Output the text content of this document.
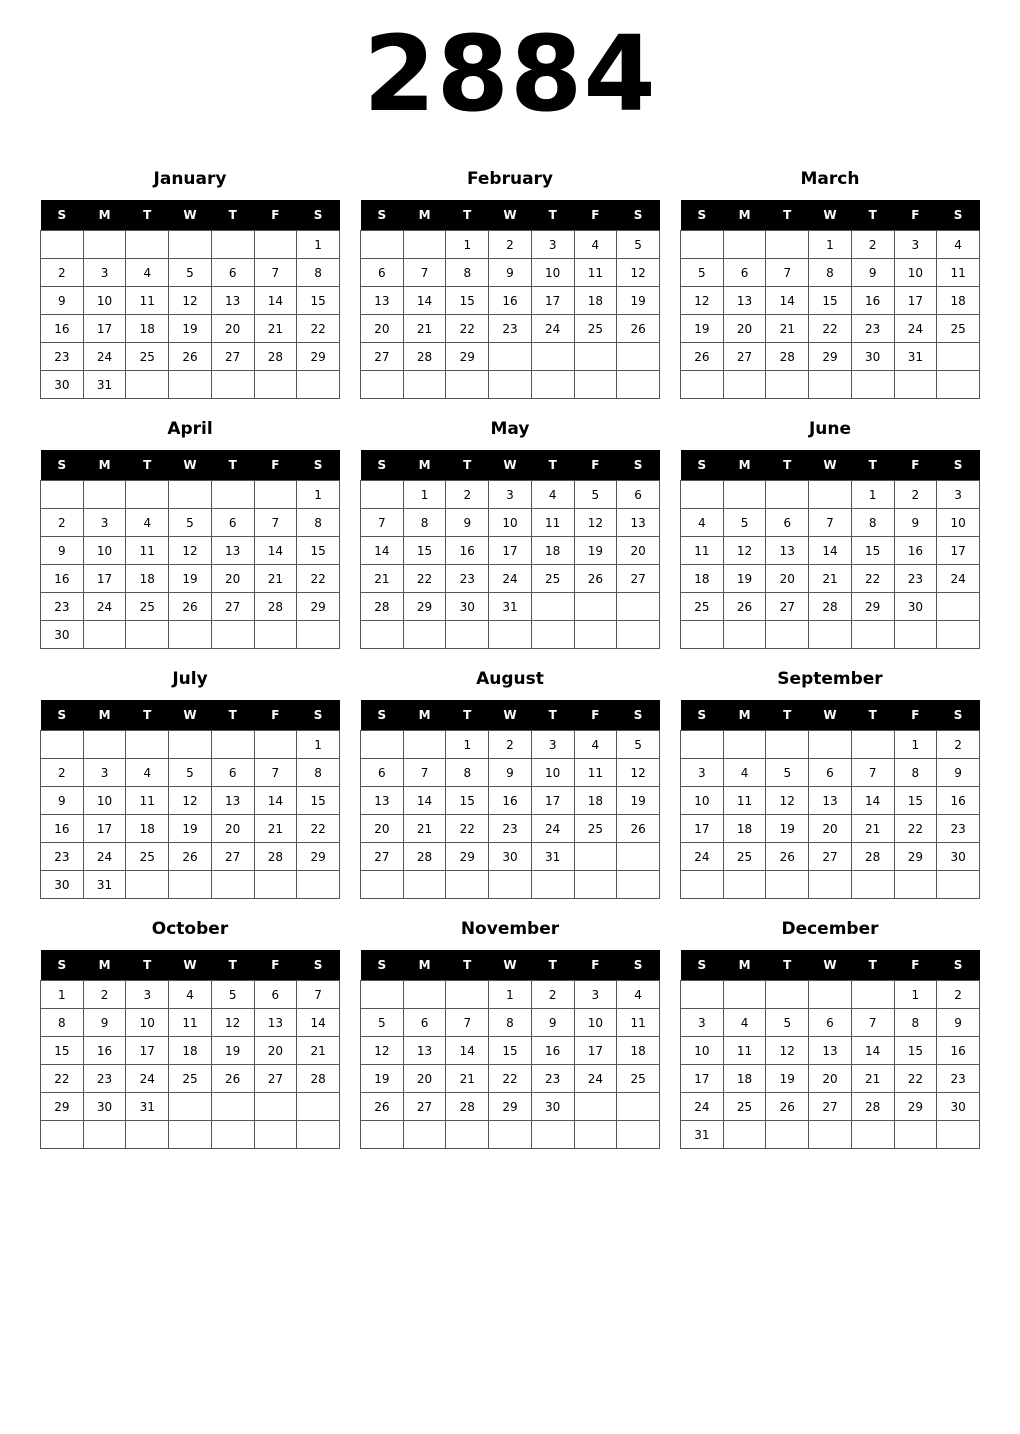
2884
January
S	M	T	W	T	F	S
						1
2	3	4	5	6	7	8
9	10	11	12	13	14	15
16	17	18	19	20	21	22
23	24	25	26	27	28	29
30	31					
February
S	M	T	W	T	F	S
		1	2	3	4	5
6	7	8	9	10	11	12
13	14	15	16	17	18	19
20	21	22	23	24	25	26
27	28	29				

March
S	M	T	W	T	F	S
			1	2	3	4
5	6	7	8	9	10	11
12	13	14	15	16	17	18
19	20	21	22	23	24	25
26	27	28	29	30	31	

April
S	M	T	W	T	F	S
						1
2	3	4	5	6	7	8
9	10	11	12	13	14	15
16	17	18	19	20	21	22
23	24	25	26	27	28	29
30						
May
S	M	T	W	T	F	S
	1	2	3	4	5	6
7	8	9	10	11	12	13
14	15	16	17	18	19	20
21	22	23	24	25	26	27
28	29	30	31			

June
S	M	T	W	T	F	S
				1	2	3
4	5	6	7	8	9	10
11	12	13	14	15	16	17
18	19	20	21	22	23	24
25	26	27	28	29	30	

July
S	M	T	W	T	F	S
						1
2	3	4	5	6	7	8
9	10	11	12	13	14	15
16	17	18	19	20	21	22
23	24	25	26	27	28	29
30	31					
August
S	M	T	W	T	F	S
		1	2	3	4	5
6	7	8	9	10	11	12
13	14	15	16	17	18	19
20	21	22	23	24	25	26
27	28	29	30	31		

September
S	M	T	W	T	F	S
					1	2
3	4	5	6	7	8	9
10	11	12	13	14	15	16
17	18	19	20	21	22	23
24	25	26	27	28	29	30

October
S	M	T	W	T	F	S
1	2	3	4	5	6	7
8	9	10	11	12	13	14
15	16	17	18	19	20	21
22	23	24	25	26	27	28
29	30	31				

November
S	M	T	W	T	F	S
			1	2	3	4
5	6	7	8	9	10	11
12	13	14	15	16	17	18
19	20	21	22	23	24	25
26	27	28	29	30		

December
S	M	T	W	T	F	S
					1	2
3	4	5	6	7	8	9
10	11	12	13	14	15	16
17	18	19	20	21	22	23
24	25	26	27	28	29	30
31						
